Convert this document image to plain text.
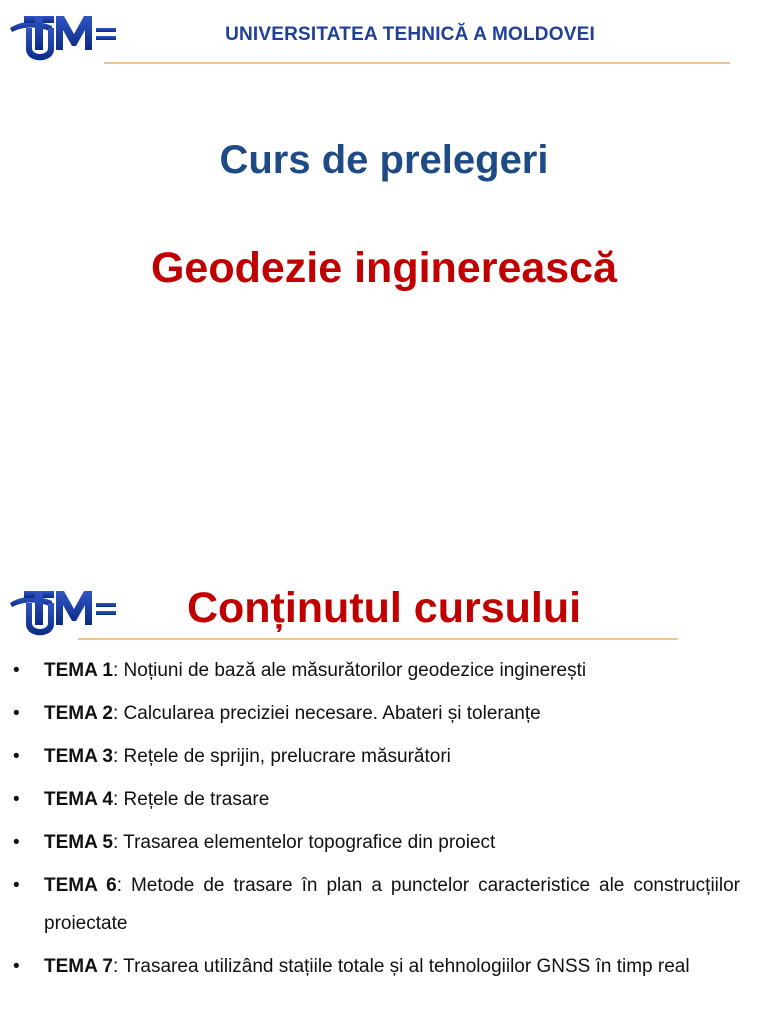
UNIVERSITATEA TEHNICĂ A MOLDOVEI
Curs de prelegeri
Geodezie inginerească
Conținutul cursului
• TEMA 1: Noțiuni de bază ale măsurătorilor geodezice inginerești
• TEMA 2: Calcularea preciziei necesare. Abateri și toleranțe
• TEMA 3: Rețele de sprijin, prelucrare măsurători
• TEMA 4: Rețele de trasare
• TEMA 5: Trasarea elementelor topografice din proiect
• TEMA 6: Metode de trasare în plan a punctelor caracteristice ale construcțiilor proiectate
• TEMA 7: Trasarea utilizând stațiile totale și al tehnologiilor GNSS în timp real
